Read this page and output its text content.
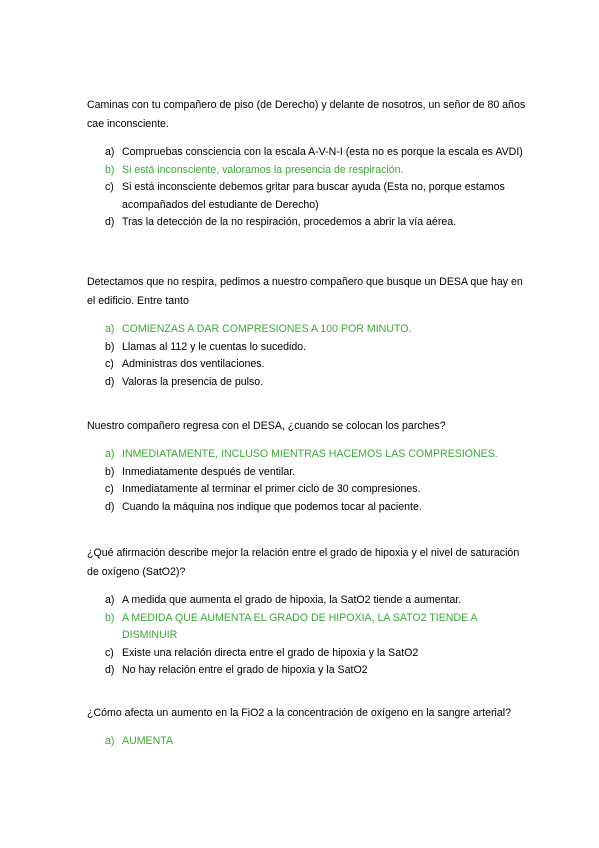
Caminas con tu compañero de piso (de Derecho) y delante de nosotros, un señor de 80 años cae inconsciente.

a) Compruebas consciencia con la escala A-V-N-I (esta no es porque la escala es AVDI)
b) Si está inconsciente, valoramos la presencia de respiración.
c) Si está inconsciente debemos gritar para buscar ayuda (Esta no, porque estamos acompañados del estudiante de Derecho)
d) Tras la detección de la no respiración, procedemos a abrir la vía aérea.

Detectamos que no respira, pedimos a nuestro compañero que busque un DESA que hay en el edificio. Entre tanto

a) COMIENZAS A DAR COMPRESIONES A 100 POR MINUTO.
b) Llamas al 112 y le cuentas lo sucedido.
c) Administras dos ventilaciones.
d) Valoras la presencia de pulso.

Nuestro compañero regresa con el DESA, ¿cuando se colocan los parches?

a) INMEDIATAMENTE, INCLUSO MIENTRAS HACEMOS LAS COMPRESIONES.
b) Inmediatamente después de ventilar.
c) Inmediatamente al terminar el primer ciclo de 30 compresiones.
d) Cuando la máquina nos indique que podemos tocar al paciente.

¿Qué afirmación describe mejor la relación entre el grado de hipoxia y el nivel de saturación de oxígeno (SatO2)?

a) A medida que aumenta el grado de hipoxia, la SatO2 tiende a aumentar.
b) A MEDIDA QUE AUMENTA EL GRADO DE HIPOXIA, LA SATO2 TIENDE A DISMINUIR
c) Existe una relación directa entre el grado de hipoxia y la SatO2
d) No hay relación entre el grado de hipoxia y la SatO2

¿Cómo afecta un aumento en la FiO2 a la concentración de oxígeno en la sangre arterial?

a) AUMENTA
